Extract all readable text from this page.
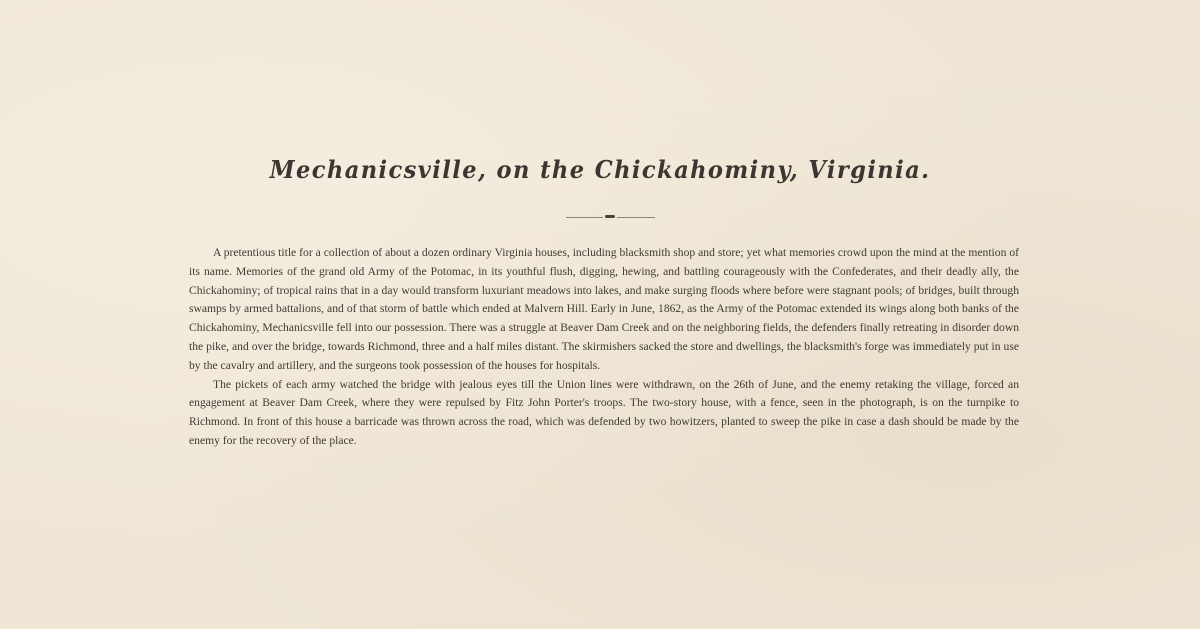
Mechanicsville, on the Chickahominy, Virginia.

A pretentious title for a collection of about a dozen ordinary Virginia houses, including blacksmith shop and store; yet what memories crowd upon the mind at the mention of its name. Memories of the grand old Army of the Potomac, in its youthful flush, digging, hewing, and battling courageously with the Confederates, and their deadly ally, the Chickahominy; of tropical rains that in a day would transform luxuriant meadows into lakes, and make surging floods where before were stagnant pools; of bridges, built through swamps by armed battalions, and of that storm of battle which ended at Malvern Hill. Early in June, 1862, as the Army of the Potomac extended its wings along both banks of the Chickahominy, Mechanicsville fell into our possession. There was a struggle at Beaver Dam Creek and on the neighboring fields, the defenders finally retreating in disorder down the pike, and over the bridge, towards Richmond, three and a half miles distant. The skirmishers sacked the store and dwellings, the blacksmith's forge was immediately put in use by the cavalry and artillery, and the surgeons took possession of the houses for hospitals.

The pickets of each army watched the bridge with jealous eyes till the Union lines were withdrawn, on the 26th of June, and the enemy retaking the village, forced an engagement at Beaver Dam Creek, where they were repulsed by Fitz John Porter's troops. The two-story house, with a fence, seen in the photograph, is on the turnpike to Richmond. In front of this house a barricade was thrown across the road, which was defended by two howitzers, planted to sweep the pike in case a dash should be made by the enemy for the recovery of the place.
